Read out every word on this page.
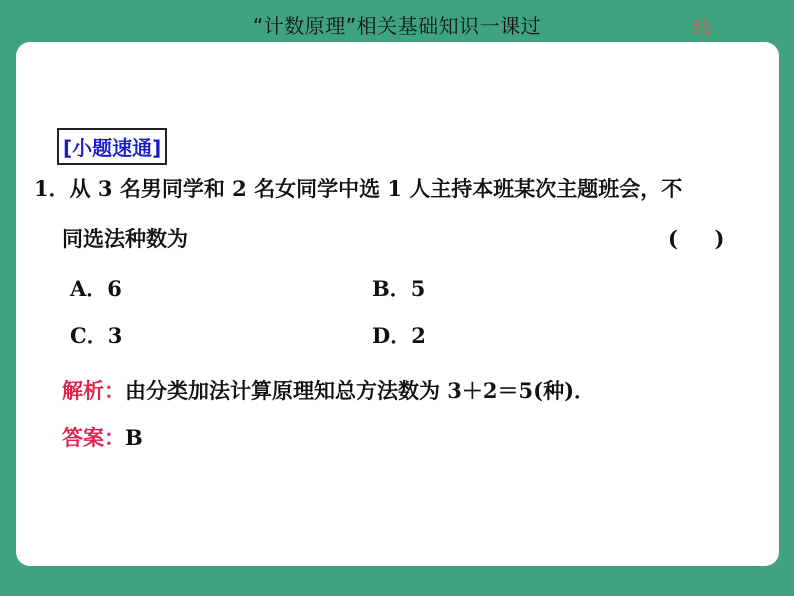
“计数原理”相关基础知识一课过	结
[小题速通]
1．从 3 名男同学和 2 名女同学中选 1 人主持本班某次主题班会，不
同选法种数为	(     )
A．6	B．5
C．3	D．2
解析：由分类加法计算原理知总方法数为 3＋2＝5(种)．
答案：B
